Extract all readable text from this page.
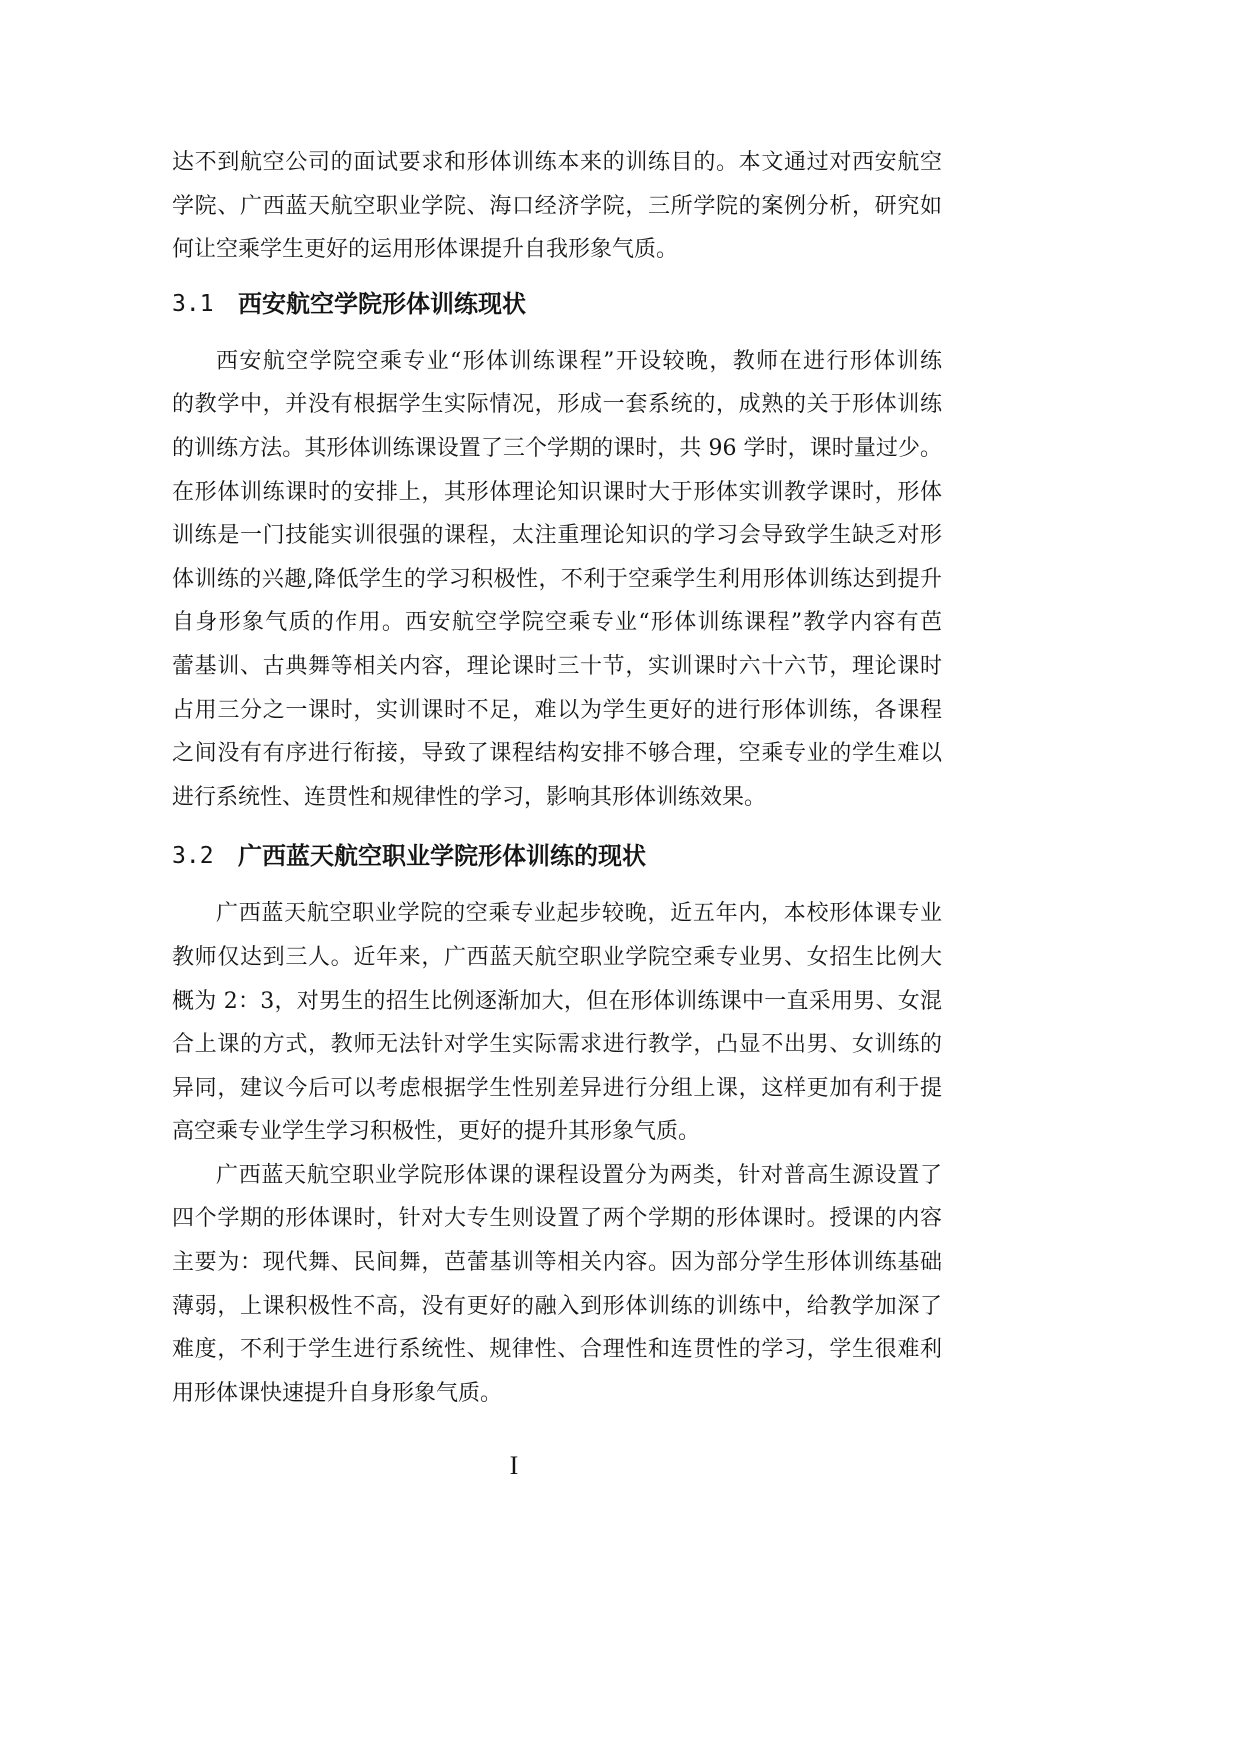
达不到航空公司的面试要求和形体训练本来的训练目的。本文通过对西安航空
学院、广西蓝天航空职业学院、海口经济学院，三所学院的案例分析，研究如
何让空乘学生更好的运用形体课提升自我形象气质。
3.1	西安航空学院形体训练现状
西安航空学院空乘专业“形体训练课程”开设较晚，教师在进行形体训练
的教学中，并没有根据学生实际情况，形成一套系统的，成熟的关于形体训练
的训练方法。其形体训练课设置了三个学期的课时，共 96 学时，课时量过少。
在形体训练课时的安排上，其形体理论知识课时大于形体实训教学课时，形体
训练是一门技能实训很强的课程，太注重理论知识的学习会导致学生缺乏对形
体训练的兴趣,降低学生的学习积极性，不利于空乘学生利用形体训练达到提升
自身形象气质的作用。西安航空学院空乘专业“形体训练课程”教学内容有芭
蕾基训、古典舞等相关内容，理论课时三十节，实训课时六十六节，理论课时
占用三分之一课时，实训课时不足，难以为学生更好的进行形体训练，各课程
之间没有有序进行衔接，导致了课程结构安排不够合理，空乘专业的学生难以
进行系统性、连贯性和规律性的学习，影响其形体训练效果。
3.2	广西蓝天航空职业学院形体训练的现状
广西蓝天航空职业学院的空乘专业起步较晚，近五年内，本校形体课专业
教师仅达到三人。近年来，广西蓝天航空职业学院空乘专业男、女招生比例大
概为 2：3，对男生的招生比例逐渐加大，但在形体训练课中一直采用男、女混
合上课的方式，教师无法针对学生实际需求进行教学，凸显不出男、女训练的
异同，建议今后可以考虑根据学生性别差异进行分组上课，这样更加有利于提
高空乘专业学生学习积极性，更好的提升其形象气质。
广西蓝天航空职业学院形体课的课程设置分为两类，针对普高生源设置了
四个学期的形体课时，针对大专生则设置了两个学期的形体课时。授课的内容
主要为：现代舞、民间舞，芭蕾基训等相关内容。因为部分学生形体训练基础
薄弱，上课积极性不高，没有更好的融入到形体训练的训练中，给教学加深了
难度，不利于学生进行系统性、规律性、合理性和连贯性的学习，学生很难利
用形体课快速提升自身形象气质。
I
